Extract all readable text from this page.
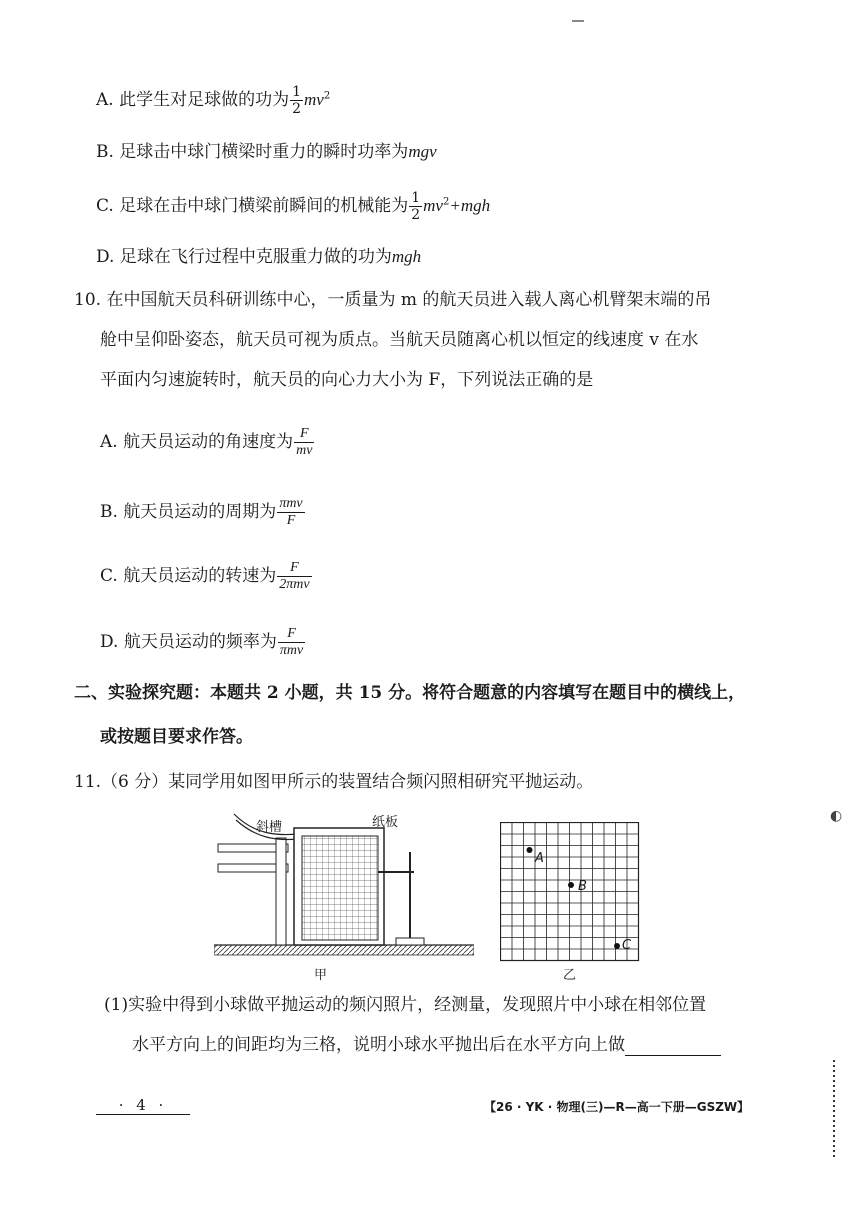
A. 此学生对足球做的功为 $\frac{1}{2} mv^2$
B. 足球击中球门横梁时重力的瞬时功率为mgv
C. 足球在击中球门横梁前瞬间的机械能为 $\frac{1}{2} mv^2+mgh$
D. 足球在飞行过程中克服重力做的功为mgh
10. 在中国航天员科研训练中心，一质量为 m 的航天员进入载人离心机臂架末端的吊
舱中呈仰卧姿态，航天员可视为质点。当航天员随离心机以恒定的线速度 v 在水
平面内匀速旋转时，航天员的向心力大小为 F，下列说法正确的是
A. 航天员运动的角速度为 $\frac{F}{mv}$
B. 航天员运动的周期为 $\frac{\text{πmv}}{F}$
C. 航天员运动的转速为 $\frac{F}{\text{2πmv}}$
D. 航天员运动的频率为 $\frac{F}{\text{πmv}}$
二、实验探究题：本题共 2 小题，共 15 分。将符合题意的内容填写在题目中的横线上，
或按题目要求作答。
11.（6 分）某同学用如图甲所示的装置结合频闪照相研究平抛运动。
斜槽	纸板
甲
A
B
C
乙
(1)实验中得到小球做平抛运动的频闪照片，经测量，发现照片中小球在相邻位置
水平方向上的间距均为三格，说明小球水平抛出后在水平方向上做
· 4 ·	【26 · YK · 物理(三)—R—高一下册—GSZW】
◐
